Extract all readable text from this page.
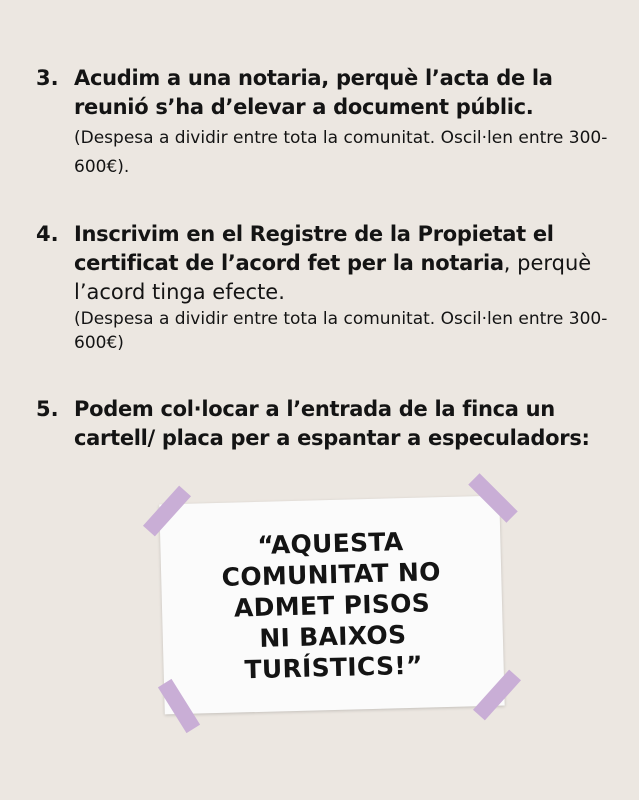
3. Acudim a una notaria, perquè l’acta de la reunió s’ha d’elevar a document públic. (Despesa a dividir entre tota la comunitat. Oscil·len entre 300-600€).
4. Inscrivim en el Registre de la Propietat el certificat de l’acord fet per la notaria, perquè l’acord tinga efecte.
(Despesa a dividir entre tota la comunitat. Oscil·len entre 300-600€)
5. Podem col·locar a l’entrada de la finca un cartell/ placa per a espantar a especuladors:
“AQUESTA
COMUNITAT NO
ADMET PISOS
NI BAIXOS
TURÍSTICS!”
